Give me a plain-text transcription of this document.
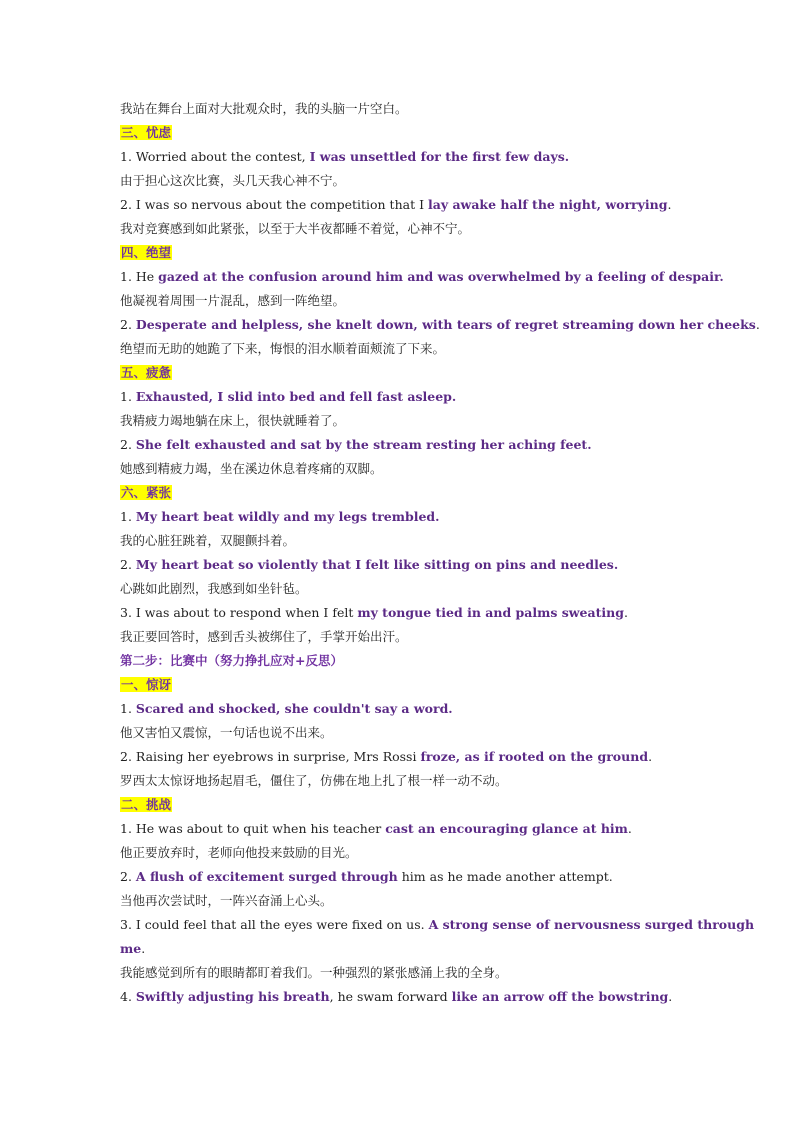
我站在舞台上面对大批观众时，我的头脑一片空白。
三、忧虑
1. Worried about the contest, I was unsettled for the first few days.
由于担心这次比赛，头几天我心神不宁。
2. I was so nervous about the competition that I lay awake half the night, worrying.
我对竞赛感到如此紧张，以至于大半夜都睡不着觉，心神不宁。
四、绝望
1. He gazed at the confusion around him and was overwhelmed by a feeling of despair.
他凝视着周围一片混乱，感到一阵绝望。
2. Desperate and helpless, she knelt down, with tears of regret streaming down her cheeks.
绝望而无助的她跪了下来，悔恨的泪水顺着面颊流了下来。
五、疲惫
1. Exhausted, I slid into bed and fell fast asleep.
我精疲力竭地躺在床上，很快就睡着了。
2. She felt exhausted and sat by the stream resting her aching feet.
她感到精疲力竭，坐在溪边休息着疼痛的双脚。
六、紧张
1. My heart beat wildly and my legs trembled.
我的心脏狂跳着，双腿颤抖着。
2. My heart beat so violently that I felt like sitting on pins and needles.
心跳如此剧烈，我感到如坐针毡。
3. I was about to respond when I felt my tongue tied in and palms sweating.
我正要回答时，感到舌头被绑住了，手掌开始出汗。
第二步：比赛中（努力挣扎应对+反思）
一、惊讶
1. Scared and shocked, she couldn't say a word.
他又害怕又震惊，一句话也说不出来。
2. Raising her eyebrows in surprise, Mrs Rossi froze, as if rooted on the ground.
罗西太太惊讶地扬起眉毛，僵住了，仿佛在地上扎了根一样一动不动。
二、挑战
1. He was about to quit when his teacher cast an encouraging glance at him.
他正要放弃时，老师向他投来鼓励的目光。
2. A flush of excitement surged through him as he made another attempt.
当他再次尝试时，一阵兴奋涌上心头。
3. I could feel that all the eyes were fixed on us. A strong sense of nervousness surged through
me.
我能感觉到所有的眼睛都盯着我们。一种强烈的紧张感涌上我的全身。
4. Swiftly adjusting his breath, he swam forward like an arrow off the bowstring.
